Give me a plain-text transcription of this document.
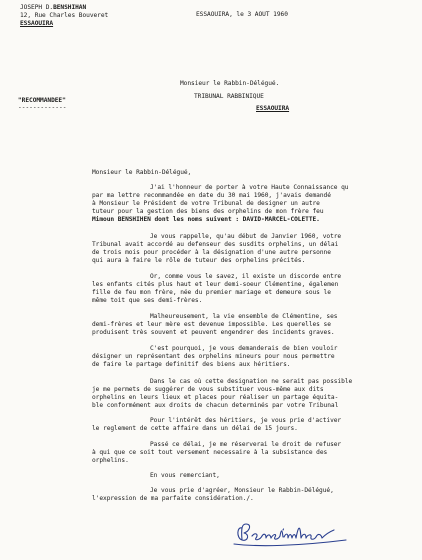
JOSEPH D.BENSHIHAN
12, Rue Charles Bouveret
ESSAOUIRA
ESSAOUIRA, le 3 AOUT 1960
Monsieur le Rabbin-Délégué.
TRIBUNAL RABBINIQUE
ESSAOUIRA
"RECOMMANDEE"
-------------
Monsieur le Rabbin-Délégué,
J'ai l'honneur de porter à votre Haute Connaissance qu
par ma lettre recommandée en date du 30 mai 1960, j'avais demandé
à Monsieur le Président de votre Tribunal de designer un autre
tuteur pour la gestion des biens des orphelins de mon frère feu
Mimoun BENSHIHEN dont les noms suivent : DAVID-MARCEL-COLETTE.
Je vous rappelle, qu'au début de Janvier 1960, votre
Tribunal avait accordé au defenseur des susdits orphelins, un délai
de trois mois pour procéder à la désignation d'une autre personne
qui aura à faire le rôle de tuteur des orphelins précités.
Or, comme vous le savez, il existe un discorde entre
les enfants cités plus haut et leur demi-soeur Clémentine, égalemen
fille de feu mon frère, née du premier mariage et demeure sous le
même toit que ses demi-frères.
Malheureusement, la vie ensemble de Clémentine, ses
demi-frères et leur mère est devenue impossible. Les querelles se
produisent très souvent et peuvent engendrer des incidents graves.
C'est pourquoi, je vous demanderais de bien vouloir
désigner un représentant des orphelins mineurs pour nous permettre
de faire le partage definitif des biens aux héritiers.
Dans le cas où cette designation ne serait pas possible
je me permets de suggérer de vous substituer vous-même aux dits
orphelins en leurs lieux et places pour réaliser un partage équita-
ble conformément aux droits de chacun determinés par votre Tribunal
Pour l'intérêt des héritiers, je vous prie d'activer
le reglement de cette affaire dans un délai de 15 jours.
Passé ce délai, je me réserverai le droit de refuser
à qui que ce soit tout versement necessaire à la subsistance des
orphelins.
En vous remerciant,
Je vous prie d'agréer, Monsieur le Rabbin-Délégué,
l'expression de ma parfaite considération./.
